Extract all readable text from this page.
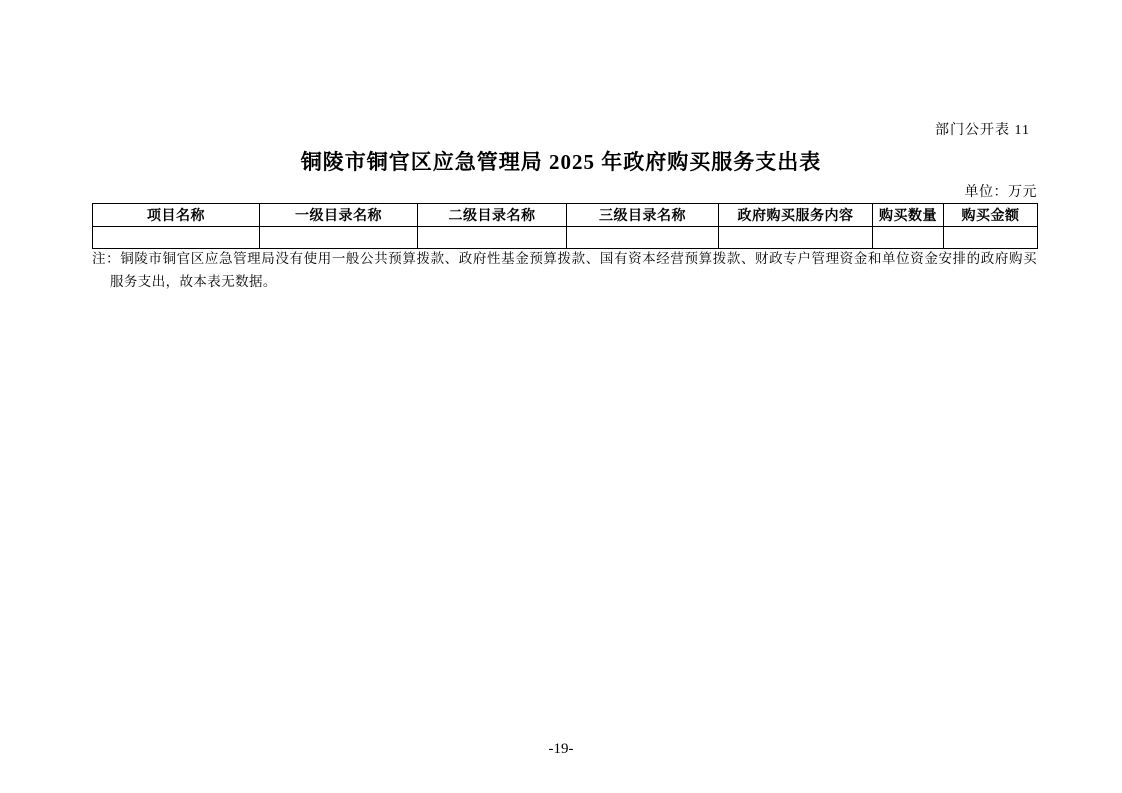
部门公开表 11
铜陵市铜官区应急管理局 2025 年政府购买服务支出表
单位：万元
项目名称	一级目录名称	二级目录名称	三级目录名称	政府购买服务内容	购买数量	购买金额

注：铜陵市铜官区应急管理局没有使用一般公共预算拨款、政府性基金预算拨款、国有资本经营预算拨款、财政专户管理资金和单位资金安排的政府购买服务支出，故本表无数据。

-19-
